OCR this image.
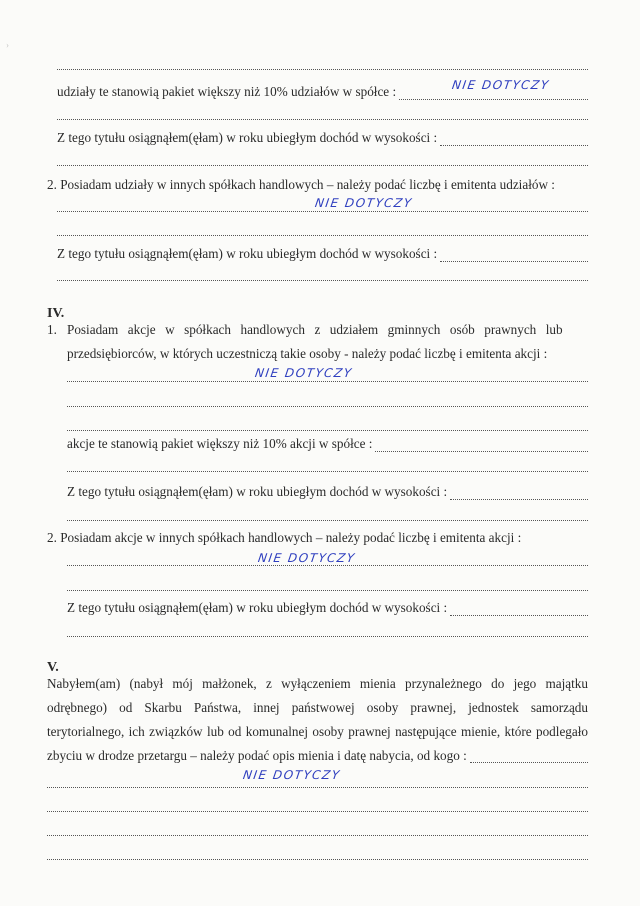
›
udziały te stanowią pakiet większy niż 10% udziałów w spółce :	NIE DOTYCZY
Z tego tytułu osiągnąłem(ęłam) w roku ubiegłym dochód w wysokości :
2. Posiadam udziały w innych spółkach handlowych – należy podać liczbę i emitenta udziałów :
NIE DOTYCZY
Z tego tytułu osiągnąłem(ęłam) w roku ubiegłym dochód w wysokości :
IV.
1. Posiadam akcje w spółkach handlowych z udziałem gminnych osób prawnych lub
przedsiębiorców, w których uczestniczą takie osoby - należy podać liczbę i emitenta akcji :
NIE DOTYCZY
akcje te stanowią pakiet większy niż 10% akcji w spółce :
Z tego tytułu osiągnąłem(ęłam) w roku ubiegłym dochód w wysokości :
2. Posiadam akcje w innych spółkach handlowych – należy podać liczbę i emitenta akcji :
NIE DOTYCZY
Z tego tytułu osiągnąłem(ęłam) w roku ubiegłym dochód w wysokości :
V.
Nabyłem(am) (nabył mój małżonek, z wyłączeniem mienia przynależnego do jego majątku
odrębnego) od Skarbu Państwa, innej państwowej osoby prawnej, jednostek samorządu
terytorialnego, ich związków lub od komunalnej osoby prawnej następujące mienie, które podlegało
zbyciu w drodze przetargu – należy podać opis mienia i datę nabycia, od kogo :
NIE DOTYCZY
